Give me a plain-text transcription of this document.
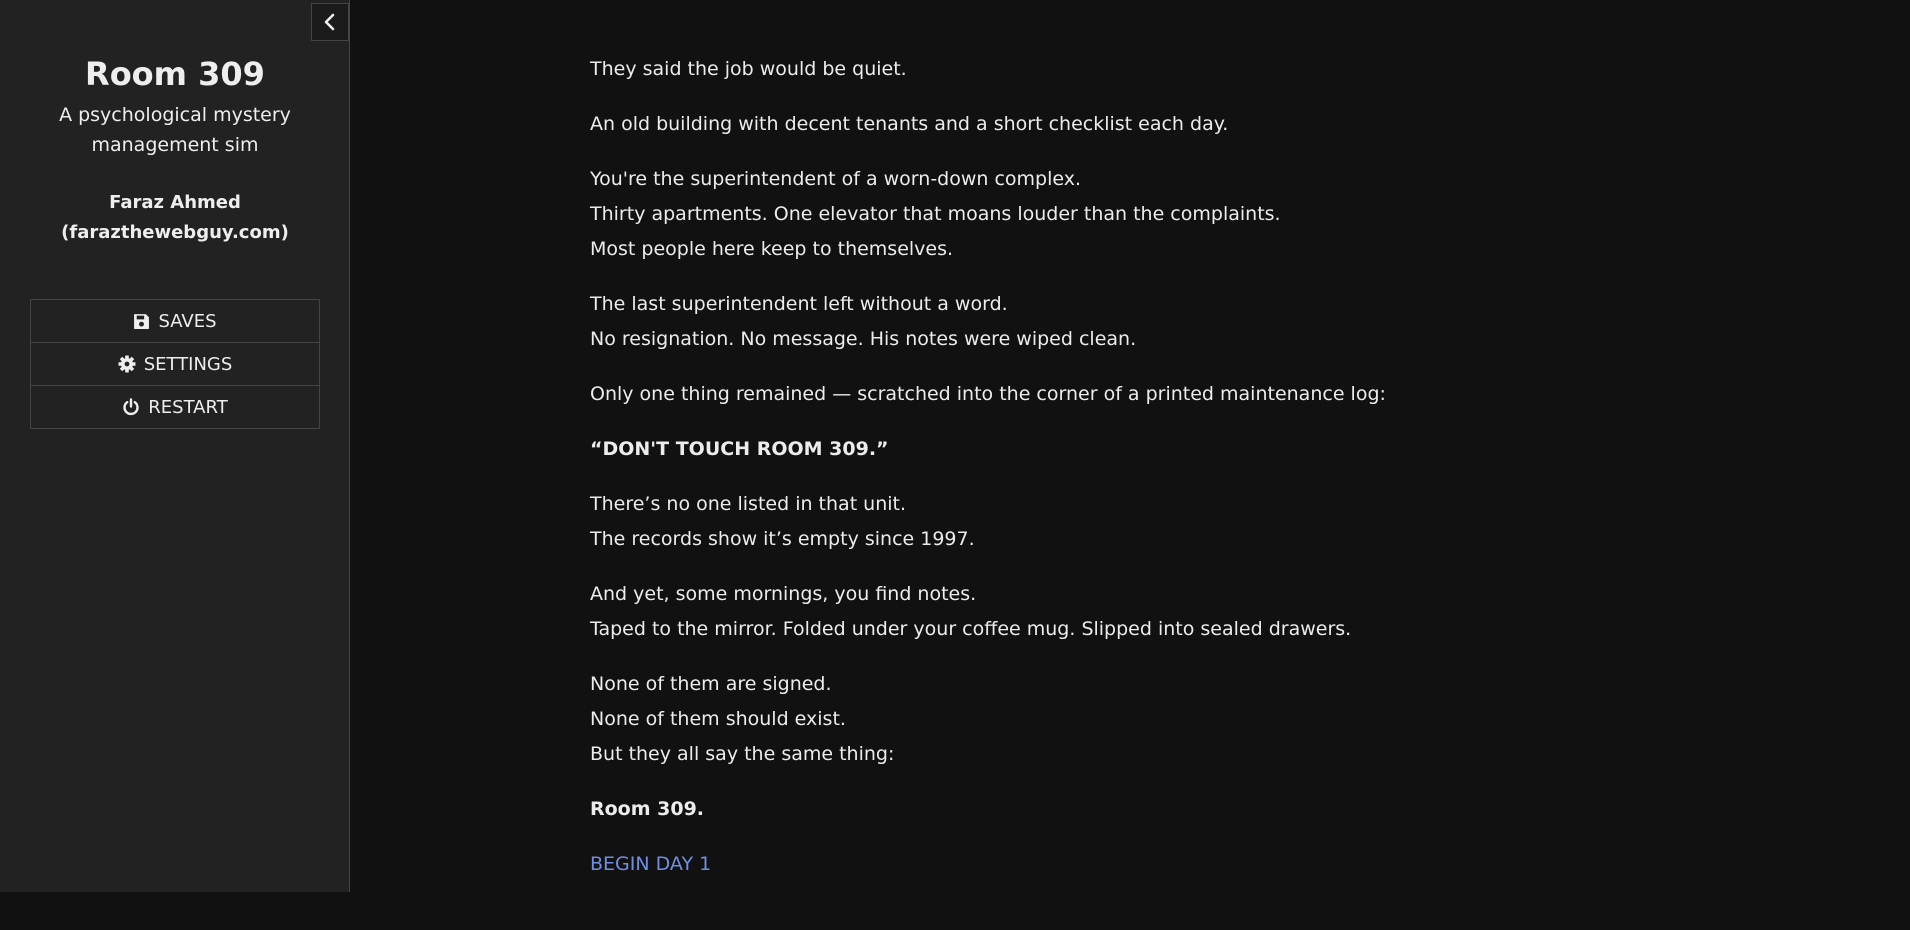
Room 309
A psychological mystery management sim
Faraz Ahmed
(farazthewebguy.com)
SAVES
SETTINGS
RESTART

They said the job would be quiet.

An old building with decent tenants and a short checklist each day.

You're the superintendent of a worn-down complex.
Thirty apartments. One elevator that moans louder than the complaints.
Most people here keep to themselves.

The last superintendent left without a word.
No resignation. No message. His notes were wiped clean.

Only one thing remained — scratched into the corner of a printed maintenance log:

“DON'T TOUCH ROOM 309.”

There’s no one listed in that unit.
The records show it’s empty since 1997.

And yet, some mornings, you find notes.
Taped to the mirror. Folded under your coffee mug. Slipped into sealed drawers.

None of them are signed.
None of them should exist.
But they all say the same thing:

Room 309.

BEGIN DAY 1
